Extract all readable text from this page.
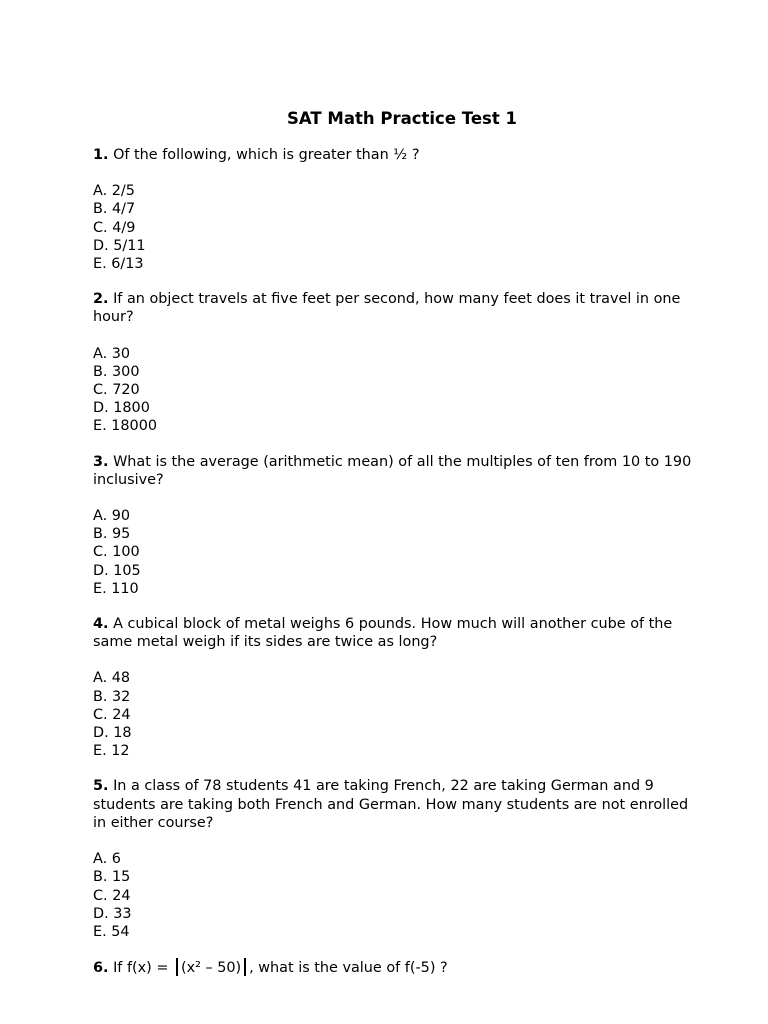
SAT Math Practice Test 1
1. Of the following, which is greater than ½ ?
A. 2/5
B. 4/7
C. 4/9
D. 5/11
E. 6/13
2. If an object travels at five feet per second, how many feet does it travel in one hour?
A. 30
B. 300
C. 720
D. 1800
E. 18000
3. What is the average (arithmetic mean) of all the multiples of ten from 10 to 190 inclusive?
A. 90
B. 95
C. 100
D. 105
E. 110
4. A cubical block of metal weighs 6 pounds. How much will another cube of the same metal weigh if its sides are twice as long?
A. 48
B. 32
C. 24
D. 18
E. 12
5. In a class of 78 students 41 are taking French, 22 are taking German and 9 students are taking both French and German. How many students are not enrolled in either course?
A. 6
B. 15
C. 24
D. 33
E. 54
6. If f(x) = (x² – 50) , what is the value of f(-5) ?
